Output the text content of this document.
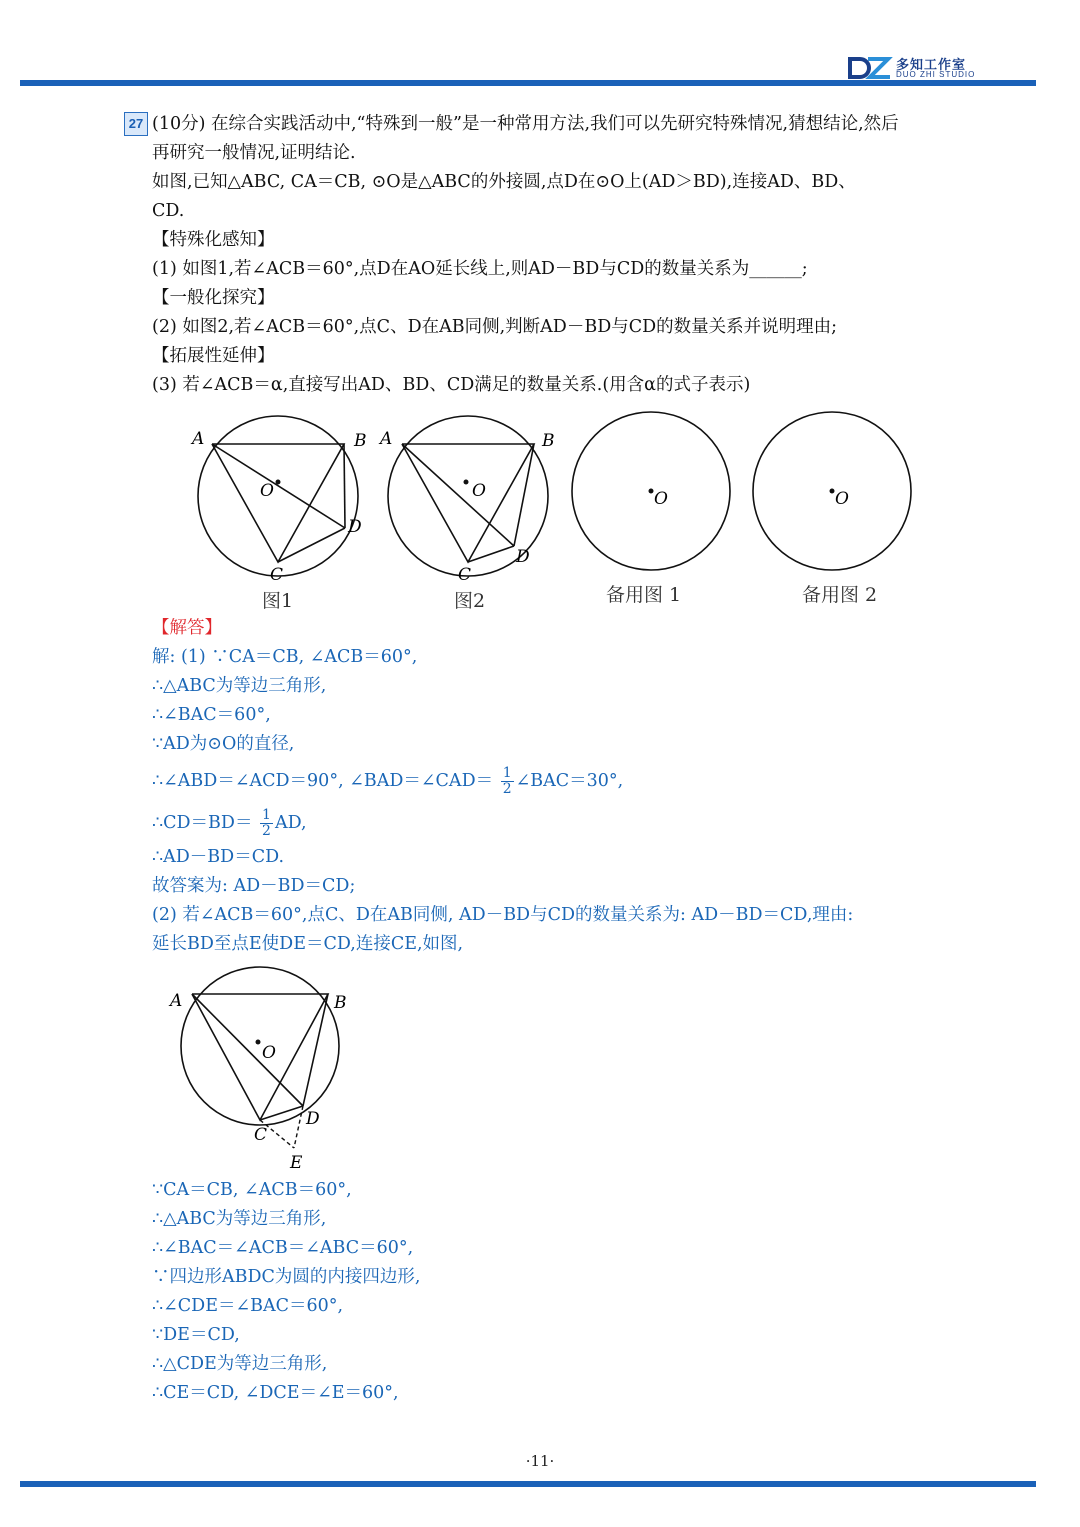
多知工作室
DUO ZHI STUDIO
27 (10分) 在综合实践活动中,“特殊到一般”是一种常用方法,我们可以先研究特殊情况,猜想结论,然后
再研究一般情况,证明结论.
如图,已知△ABC, CA＝CB, ⊙O是△ABC的外接圆,点D在⊙O上(AD＞BD),连接AD、BD、
CD.
【特殊化感知】
(1) 如图1,若∠ACB＝60°,点D在AO延长线上,则AD－BD与CD的数量关系为______;
【一般化探究】
(2) 如图2,若∠ACB＝60°,点C、D在AB同侧,判断AD－BD与CD的数量关系并说明理由;
【拓展性延伸】
(3) 若∠ACB＝α,直接写出AD、BD、CD满足的数量关系.(用含α的式子表示)
A	B
C
D
O
图1
A	B
C
D
O
图2
O
备用图 1
O
备用图 2
【解答】
解: (1) ∵CA＝CB, ∠ACB＝60°,
∴△ABC为等边三角形,
∴∠BAC＝60°,
∵AD为⊙O的直径,
∴∠ABD＝∠ACD＝90°, ∠BAD＝∠CAD＝ $\frac{1}{2}$ ∠BAC＝30°,
∴CD＝BD＝ $\frac{1}{2}$ AD,
∴AD－BD＝CD.
故答案为: AD－BD＝CD;
(2) 若∠ACB＝60°,点C、D在AB同侧, AD－BD与CD的数量关系为: AD－BD＝CD,理由:
延长BD至点E使DE＝CD,连接CE,如图,
A	B
C
D
E
O
∵CA＝CB, ∠ACB＝60°,
∴△ABC为等边三角形,
∴∠BAC＝∠ACB＝∠ABC＝60°,
∵四边形ABDC为圆的内接四边形,
∴∠CDE＝∠BAC＝60°,
∵DE＝CD,
∴△CDE为等边三角形,
∴CE＝CD, ∠DCE＝∠E＝60°,
·11·
